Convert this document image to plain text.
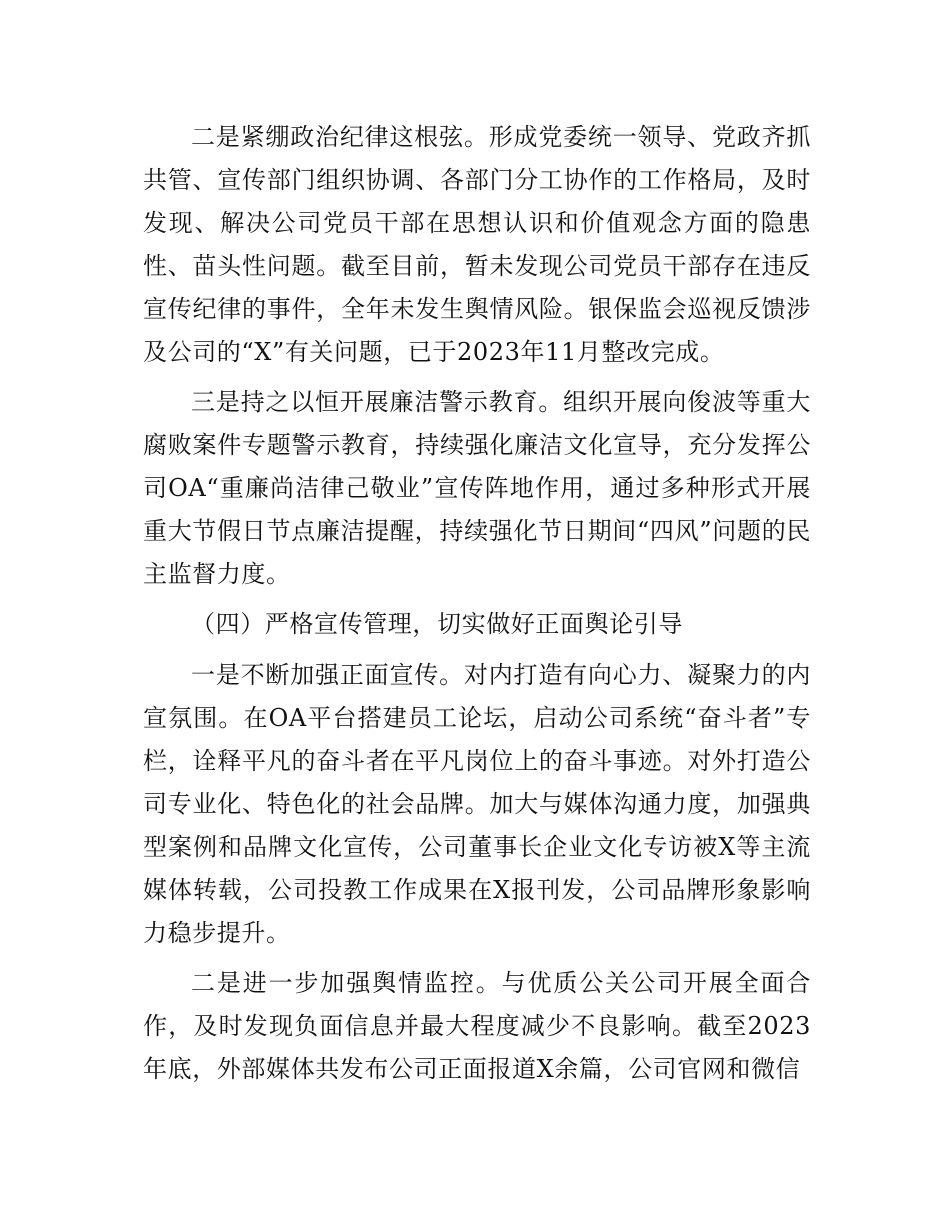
二是紧绷政治纪律这根弦。形成党委统一领导、党政齐抓共管、宣传部门组织协调、各部门分工协作的工作格局，及时发现、解决公司党员干部在思想认识和价值观念方面的隐患性、苗头性问题。截至目前，暂未发现公司党员干部存在违反宣传纪律的事件，全年未发生舆情风险。银保监会巡视反馈涉及公司的“X”有关问题，已于2023年11月整改完成。

三是持之以恒开展廉洁警示教育。组织开展向俊波等重大腐败案件专题警示教育，持续强化廉洁文化宣导，充分发挥公司OA“重廉尚洁律己敬业”宣传阵地作用，通过多种形式开展重大节假日节点廉洁提醒，持续强化节日期间“四风”问题的民主监督力度。

（四）严格宣传管理，切实做好正面舆论引导

一是不断加强正面宣传。对内打造有向心力、凝聚力的内宣氛围。在OA平台搭建员工论坛，启动公司系统“奋斗者”专栏，诠释平凡的奋斗者在平凡岗位上的奋斗事迹。对外打造公司专业化、特色化的社会品牌。加大与媒体沟通力度，加强典型案例和品牌文化宣传，公司董事长企业文化专访被X等主流媒体转载，公司投教工作成果在X报刊发，公司品牌形象影响力稳步提升。

二是进一步加强舆情监控。与优质公关公司开展全面合作，及时发现负面信息并最大程度减少不良影响。截至2023年底，外部媒体共发布公司正面报道X余篇，公司官网和微信
